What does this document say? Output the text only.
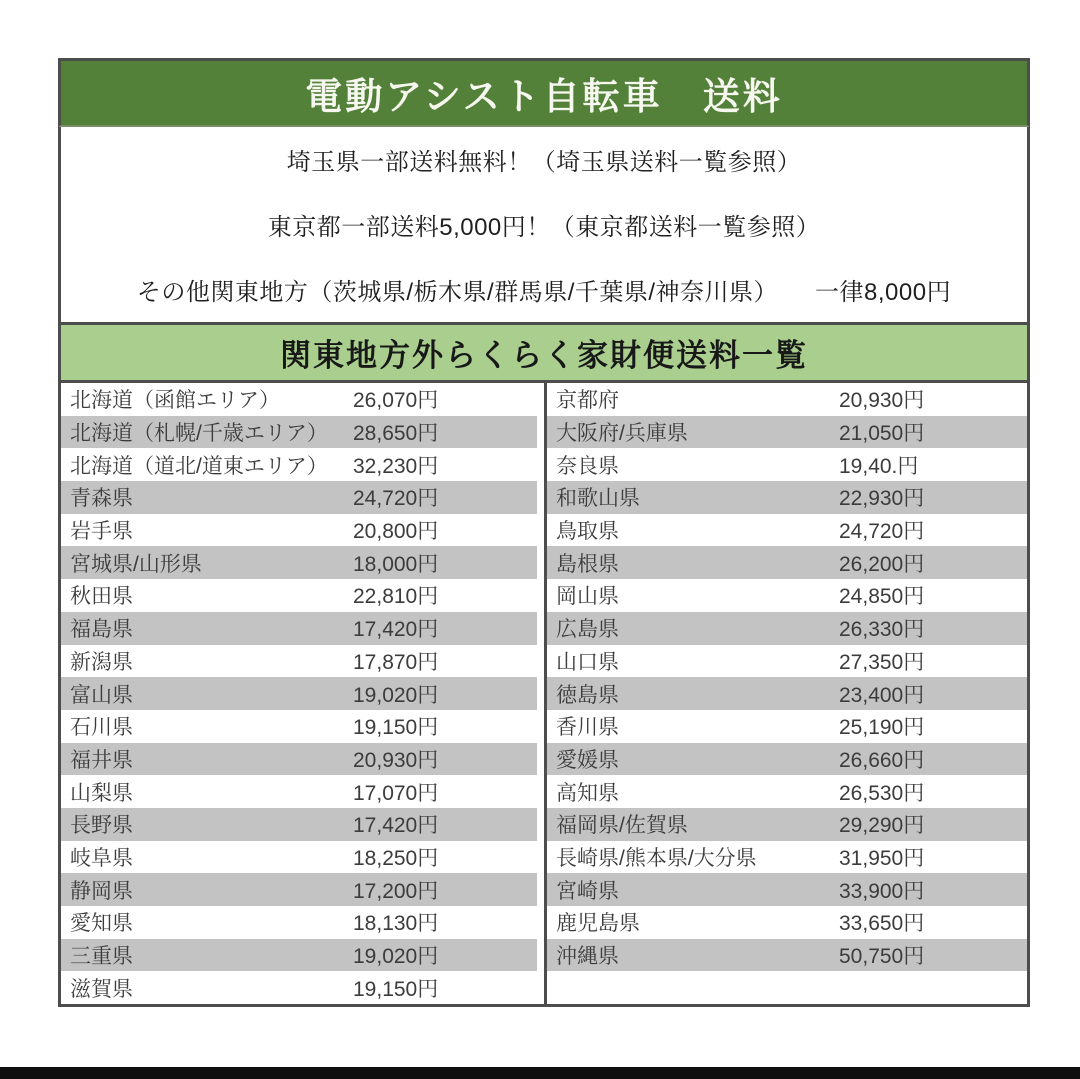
電動アシスト自転車　送料
埼玉県一部送料無料！（埼玉県送料一覧参照）
東京都一部送料5,000円！（東京都送料一覧参照）
その他関東地方（茨城県/栃木県/群馬県/千葉県/神奈川県）　　一律8,000円
関東地方外らくらく家財便送料一覧
北海道（函館エリア）	26,070円	京都府	20,930円
北海道（札幌/千歳エリア）	28,650円	大阪府/兵庫県	21,050円
北海道（道北/道東エリア）	32,230円	奈良県	19,40.円
青森県	24,720円	和歌山県	22,930円
岩手県	20,800円	鳥取県	24,720円
宮城県/山形県	18,000円	島根県	26,200円
秋田県	22,810円	岡山県	24,850円
福島県	17,420円	広島県	26,330円
新潟県	17,870円	山口県	27,350円
富山県	19,020円	徳島県	23,400円
石川県	19,150円	香川県	25,190円
福井県	20,930円	愛媛県	26,660円
山梨県	17,070円	高知県	26,530円
長野県	17,420円	福岡県/佐賀県	29,290円
岐阜県	18,250円	長崎県/熊本県/大分県	31,950円
静岡県	17,200円	宮崎県	33,900円
愛知県	18,130円	鹿児島県	33,650円
三重県	19,020円	沖縄県	50,750円
滋賀県	19,150円
